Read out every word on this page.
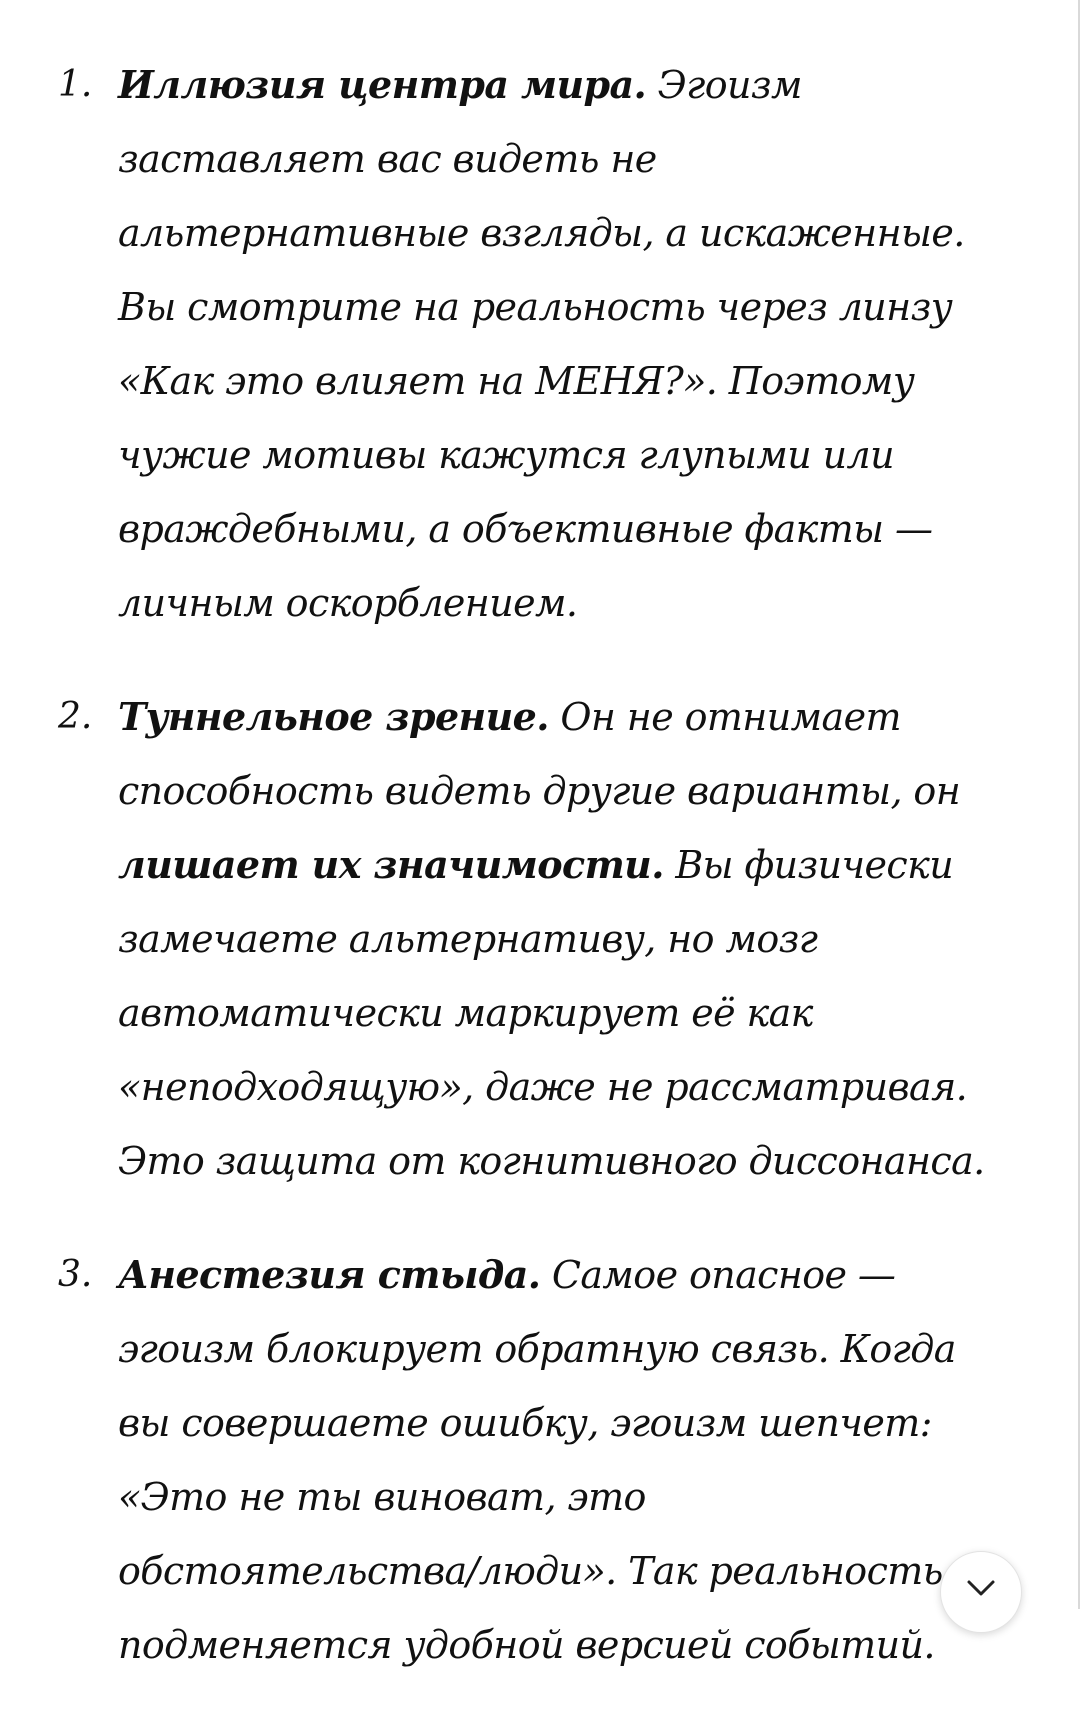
1. Иллюзия центра мира. Эгоизм заставляет вас видеть не альтернативные взгляды, а искаженные. Вы смотрите на реальность через линзу «Как это влияет на МЕНЯ?». Поэтому чужие мотивы кажутся глупыми или враждебными, а объективные факты — личным оскорблением.
2. Туннельное зрение. Он не отнимает способность видеть другие варианты, он лишает их значимости. Вы физически замечаете альтернативу, но мозг автоматически маркирует её как «неподходящую», даже не рассматривая. Это защита от когнитивного диссонанса.
3. Анестезия стыда. Самое опасное — эгоизм блокирует обратную связь. Когда вы совершаете ошибку, эгоизм шепчет: «Это не ты виноват, это обстоятельства/люди». Так реальность подменяется удобной версией событий.
